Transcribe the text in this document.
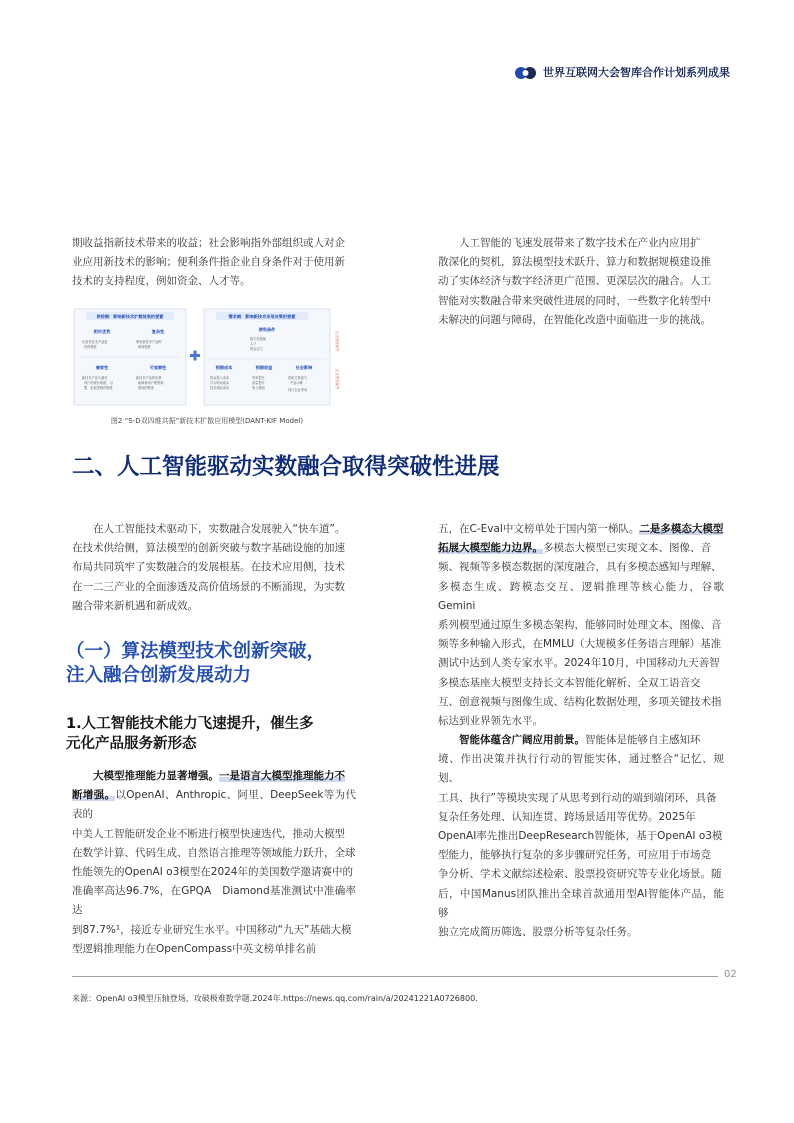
世界互联网大会智库合作计划系列成果

期收益指新技术带来的收益；社会影响指外部组织或人对企
业应用新技术的影响；便利条件指企业自身条件对于使用新
技术的支持程度，例如资金、人才等。

　　人工智能的飞速发展带来了数字技术在产业内应用扩
散深化的契机，算法模型技术跃升、算力和数据规模建设推
动了实体经济与数字经济更广范围、更深层次的融合。人工
智能对实数融合带来突破性进展的同时，一些数字化转型中
未解决的问题与障碍，在智能化改造中面临进一步的挑战。

供给侧：影响新技术扩散效果的要素
相对优势
比原有技术产品更
好的程度
复杂性
使用新技术产品的
难易程度
兼容性
新技术产品与潜在
用户的现有系统、习
惯、价值等相符程度
可观察性
新技术产品的优势
能够被用户观察和
感知的程度
需求侧：影响新技术采用决策的要素
便利条件
数字化基础
人才
资金实力
预期成本
资金投入成本
学习时间成本
技术风险成本
预期收益
效率提升
质量提升
收入增加
社会影响
供给方资质与
产品口碑
同行企业采用
企业内部条件
企业外部条件
图2 “S-D双四维共振”新技术扩散应用模型(DANT-KIF Model)
二、人工智能驱动实数融合取得突破性进展

　　在人工智能技术驱动下，实数融合发展驶入“快车道”。
在技术供给侧，算法模型的创新突破与数字基础设施的加速
布局共同筑牢了实数融合的发展根基。在技术应用侧，技术
在一二三产业的全面渗透及高价值场景的不断涌现，为实数
融合带来新机遇和新成效。

（一）算法模型技术创新突破，
注入融合创新发展动力
1.人工智能技术能力飞速提升，催生多
元化产品服务新形态

　　大模型推理能力显著增强。一是语言大模型推理能力不
断增强。以OpenAI、Anthropic、阿里、DeepSeek等为代表的
中美人工智能研发企业不断进行模型快速迭代，推动大模型
在数学计算、代码生成、自然语言推理等领域能力跃升，全球
性能领先的OpenAI o3模型在2024年的美国数学邀请赛中的
准确率高达96.7%，在GPQA　Diamond基准测试中准确率达
到87.7%¹，接近专业研究生水平。中国移动“九天”基础大模
型逻辑推理能力在OpenCompass中英文榜单排名前

五，在C-Eval中文榜单处于国内第一梯队。二是多模态大模型
拓展大模型能力边界。多模态大模型已实现文本、图像、音
频、视频等多模态数据的深度融合，具有多模态感知与理解、
多模态生成、跨模态交互、逻辑推理等核心能力，谷歌Gemini
系列模型通过原生多模态架构，能够同时处理文本、图像、音
频等多种输入形式，在MMLU（大规模多任务语言理解）基准
测试中达到人类专家水平。2024年10月，中国移动九天善智
多模态基座大模型支持长文本智能化解析、全双工语音交
互、创意视频与图像生成、结构化数据处理，多项关键技术指
标达到业界领先水平。

　　智能体蕴含广阔应用前景。智能体是能够自主感知环
境、作出决策并执行行动的智能实体，通过整合“记忆、规划、
工具、执行”等模块实现了从思考到行动的端到端闭环，具备
复杂任务处理、认知连贯、跨场景适用等优势。2025年
OpenAI率先推出DeepResearch智能体，基于OpenAI o3模
型能力，能够执行复杂的多步骤研究任务，可应用于市场竞
争分析、学术文献综述检索、股票投资研究等专业化场景。随
后，中国Manus团队推出全球首款通用型AI智能体产品，能够
独立完成简历筛选、股票分析等复杂任务。

02
来源：OpenAI o3模型压轴登场，攻破极难数学题.2024年.https://news.qq.com/rain/a/20241221A0726800.
